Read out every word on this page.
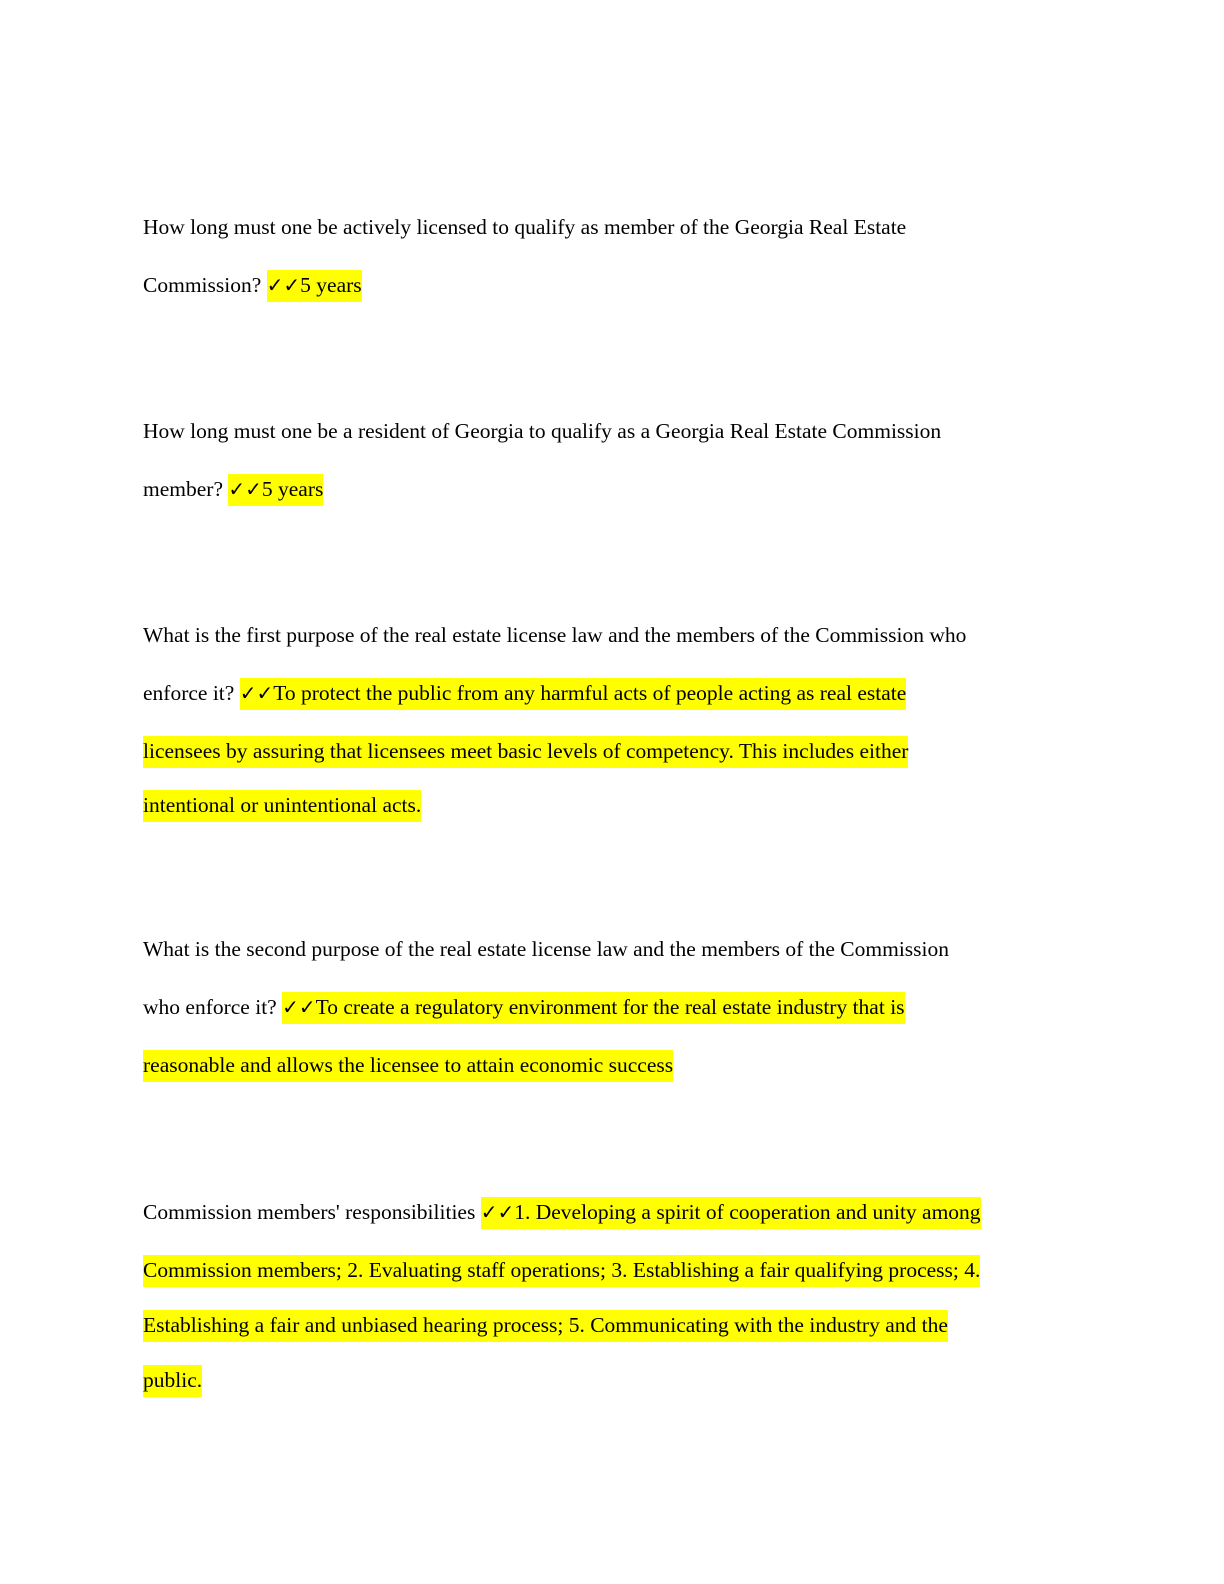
How long must one be actively licensed to qualify as member of the Georgia Real Estate
Commission? ✓✓5 years
How long must one be a resident of Georgia to qualify as a Georgia Real Estate Commission
member? ✓✓5 years
What is the first purpose of the real estate license law and the members of the Commission who
enforce it? ✓✓To protect the public from any harmful acts of people acting as real estate
licensees by assuring that licensees meet basic levels of competency. This includes either
intentional or unintentional acts.
What is the second purpose of the real estate license law and the members of the Commission
who enforce it? ✓✓To create a regulatory environment for the real estate industry that is
reasonable and allows the licensee to attain economic success
Commission members' responsibilities ✓✓1. Developing a spirit of cooperation and unity among
Commission members; 2. Evaluating staff operations; 3. Establishing a fair qualifying process; 4.
Establishing a fair and unbiased hearing process; 5. Communicating with the industry and the
public.
